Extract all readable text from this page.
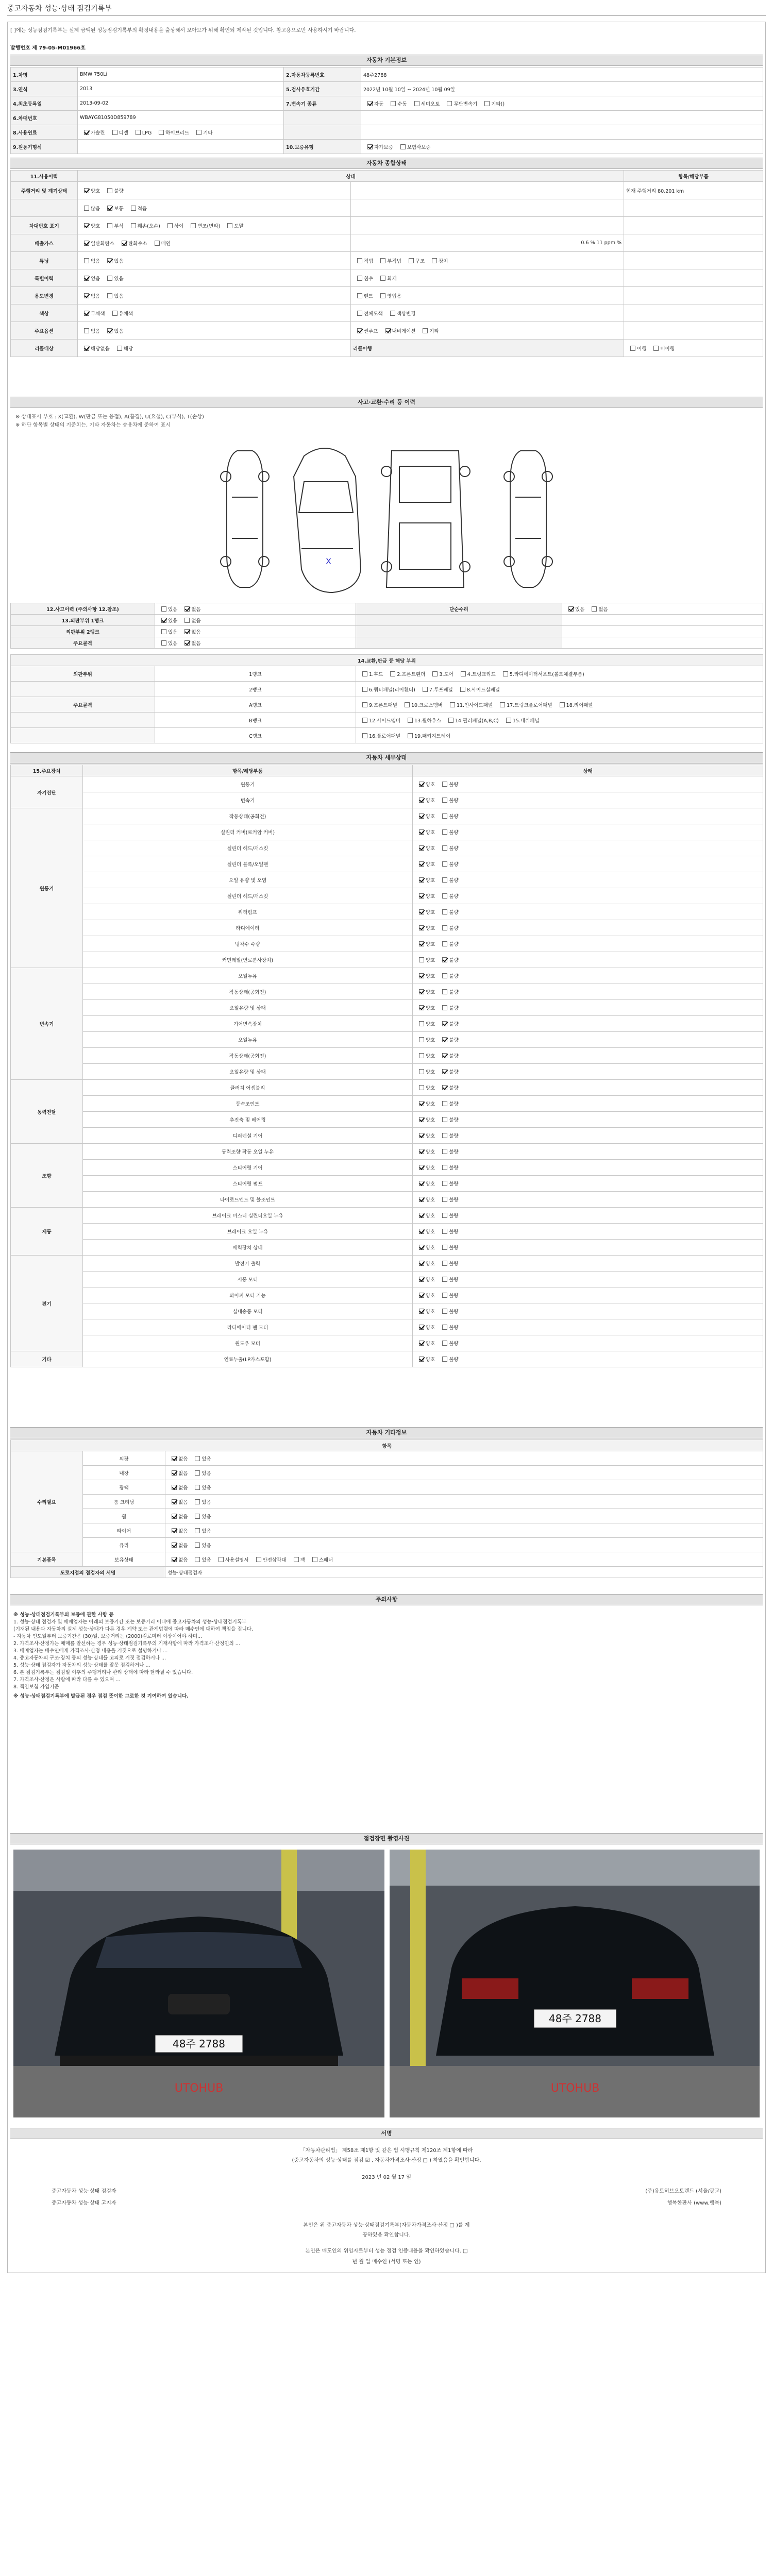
중고자동차 성능·상태 점검기록부
[ ]에는 성능점검기록부는 실제 금액된 성능점검기록부의 확정내용을 출상해서 보아므가 위해 확인되 제작된 것입니다. 참고용으로만 사용하시기 바랍니다.
발행번호 제 79-05-M01966호
자동차 기본정보
1.차명	BMW 750Li	2.자동차등록번호	48주2788
3.연식	2013	5.검사유효기간	2022년 10월 10일 ~ 2024년 10월 09일
4.최초등록일	2013-09-02	7.변속기 종류	자동 수동 세미오토 무단변속기 기타()
6.차대번호	WBAYG81050D859789		
8.사용연료	가솔린 디젤 LPG 하이브리드 기타		
9.원동기형식		10.보증유형	자가보증 보험사보증
자동차 종합상태
11.사용이력	상태		항목/해당부품
주행거리 및 계기상태	양호 불량		현재 주행거리 80,201 km
	많음 보통 적음		
차대번호 표기	양호 부식 훼손(오손) 상이 변조(변타) 도말		
배출가스	일산화탄소 탄화수소 매연	0.6 % 11 ppm %	
튜닝	없음 있음	적법 부적법 구조 장치	
특별이력	없음 있음	침수 화재	
용도변경	없음 있음	렌트 영업용	
색상	무채색 유채색	전체도색 색상변경	
주요옵션	없음 있음	썬루프 내비게이션 기타	
리콜대상	해당없음 해당	리콜이행	이행 미이행
사고·교환·수리 등 이력
※ 상태표시 부호 : X(교환), W(판금 또는 용접), A(흠집), U(요철), C(부식), T(손상)
※ 하단 항목별 상태의 기준치는, 기타 자동차는 승용차에 준하여 표시
X
12.사고이력 (주의사항 12.참조)	있음 없음	단순수리	있음 없음
13.외판부위 1랭크	있음 없음		
외판부위 2랭크	있음 없음		
주요골격	있음 없음		
14.교환,판금 등 해당 부위		
외판부위	1랭크	1.후드 2.프론트휀더 3.도어 4.트렁크리드 5.라디에이터서포트(볼트체결부품)
	2랭크	6.쿼터패널(리어휀더) 7.루프패널 8.사이드실패널
주요골격	A랭크	9.프론트패널 10.크로스멤버 11.인사이드패널 17.트렁크플로어패널 18.리어패널
	B랭크	12.사이드멤버 13.휠하우스 14.필러패널(A,B,C) 15.대쉬패널
	C랭크	16.플로어패널 19.패키지트레이
자동차 세부상태
15.주요장치	항목/해당부품	상태
자기진단	원동기	양호 불량
	변속기	양호 불량
원동기	작동상태(공회전)	양호 불량
	실린더 커버(로커암 커버)	양호 불량
	실린더 헤드/개스킷	양호 불량
	실린더 블록/오일팬	양호 불량
	오일 유량 및 오염	양호 불량
	실린더 헤드/개스킷	양호 불량
	워터펌프	양호 불량
	라디에이터	양호 불량
	냉각수 수량	양호 불량
	커먼레일(연료분사장치)	양호 불량
변속기	오일누유	양호 불량
	작동상태(공회전)	양호 불량
	오일유량 및 상태	양호 불량
	기어변속장치	양호 불량
	오일누유	양호 불량
	작동상태(공회전)	양호 불량
	오일유량 및 상태	양호 불량
동력전달	클러치 어셈블리	양호 불량
	등속조인트	양호 불량
	추진축 및 베어링	양호 불량
	디퍼렌셜 기어	양호 불량
조향	동력조향 작동 오일 누유	양호 불량
	스티어링 기어	양호 불량
	스티어링 펌프	양호 불량
	타이로드엔드 및 볼조인트	양호 불량
제동	브레이크 마스터 실린더오일 누유	양호 불량
	브레이크 오일 누유	양호 불량
	배력장치 상태	양호 불량
전기	발전기 출력	양호 불량
	시동 모터	양호 불량
	와이퍼 모터 기능	양호 불량
	실내송풍 모터	양호 불량
	라디에이터 팬 모터	양호 불량
	윈도우 모터	양호 불량
기타	연료누출(LP가스포함)	양호 불량
자동차 기타정보
항목		
수리필요	외장	없음 있음
	내장	없음 있음
	광택	없음 있음
	룸 크리닝	없음 있음
	휠	없음 있음
	타이어	없음 있음
	유리	없음 있음
기본품목	보유상태	없음 있음 사용설명서 안전삼각대 잭 스패너
도로지점의 점검자의 서명		성능·상태점검자
주의사항

※ 성능·상태점검기록부의 보증에 관한 사항 등

1. 성능·상태 점검자 및 매매업자는 아래의 보증기간 또는 보증거리 이내에 중고자동차의 성능·상태점검기록부

(기재된 내용과 자동차의 실제 성능·상태가 다른 경우 계약 또는 관계법령에 따라 매수인에 대하여 책임을 집니다.

- 자동차 인도일부터 보증기간은 (30)일, 보증거리는 (2000)킬로미터 이상이어야 하며...

2. 가격조사·산정가는 매매를 알선하는 경우 성능·상태점검기록부의 기재사항에 따라 가격조사·산정인의 ...

3. 매매업자는 매수인에게 가격조사·산정 내용을 거짓으로 설명하거나 ...

4. 중고자동차의 구조·장치 등의 성능·상태를 고의로 거짓 점검하거나 ...

5. 성능·상태 점검자가 자동차의 성능·상태를 잘못 점검하거나 ...

6. 본 점검기록부는 점검일 이후의 주행거리나 관리 상태에 따라 달라질 수 있습니다.

7. 가격조사·산정은 사람에 따라 다를 수 있으며 ...

8. 책임보험 가입기준

※ 성능·상태점검기록부에 발급된 경우 점검 뜻이한 그로한 것 기여하여 있습니다.

점검장면 촬영사진
48주 2788
UTOHUB
48주 2788
UTOHUB
서명
「자동차관리법」 제58조 제1항 및 같은 법 시행규칙 제120조 제1항에 따라
(중고자동차의 성능·상태를 점검 ☑ , 자동차가격조사·산정 □ ) 하였음을 확인합니다.
2023 년 02 월 17 일
중고자동차 성능·상태 점검자	(주)유토허브오토렌드 (서울/광교)
중고자동차 성능·상태 고지자	행복한판사 (www.행복)
본인은 위 중고자동차 성능·상태점검기록부(자동차가격조사·산정 □ )를 제
공하였음 확인합니다.
본인은 매도인의 위임자로부터 성능 점검 인증내용을 확인하였습니다. □
년 월 일 매수인 (서명 또는 인)
